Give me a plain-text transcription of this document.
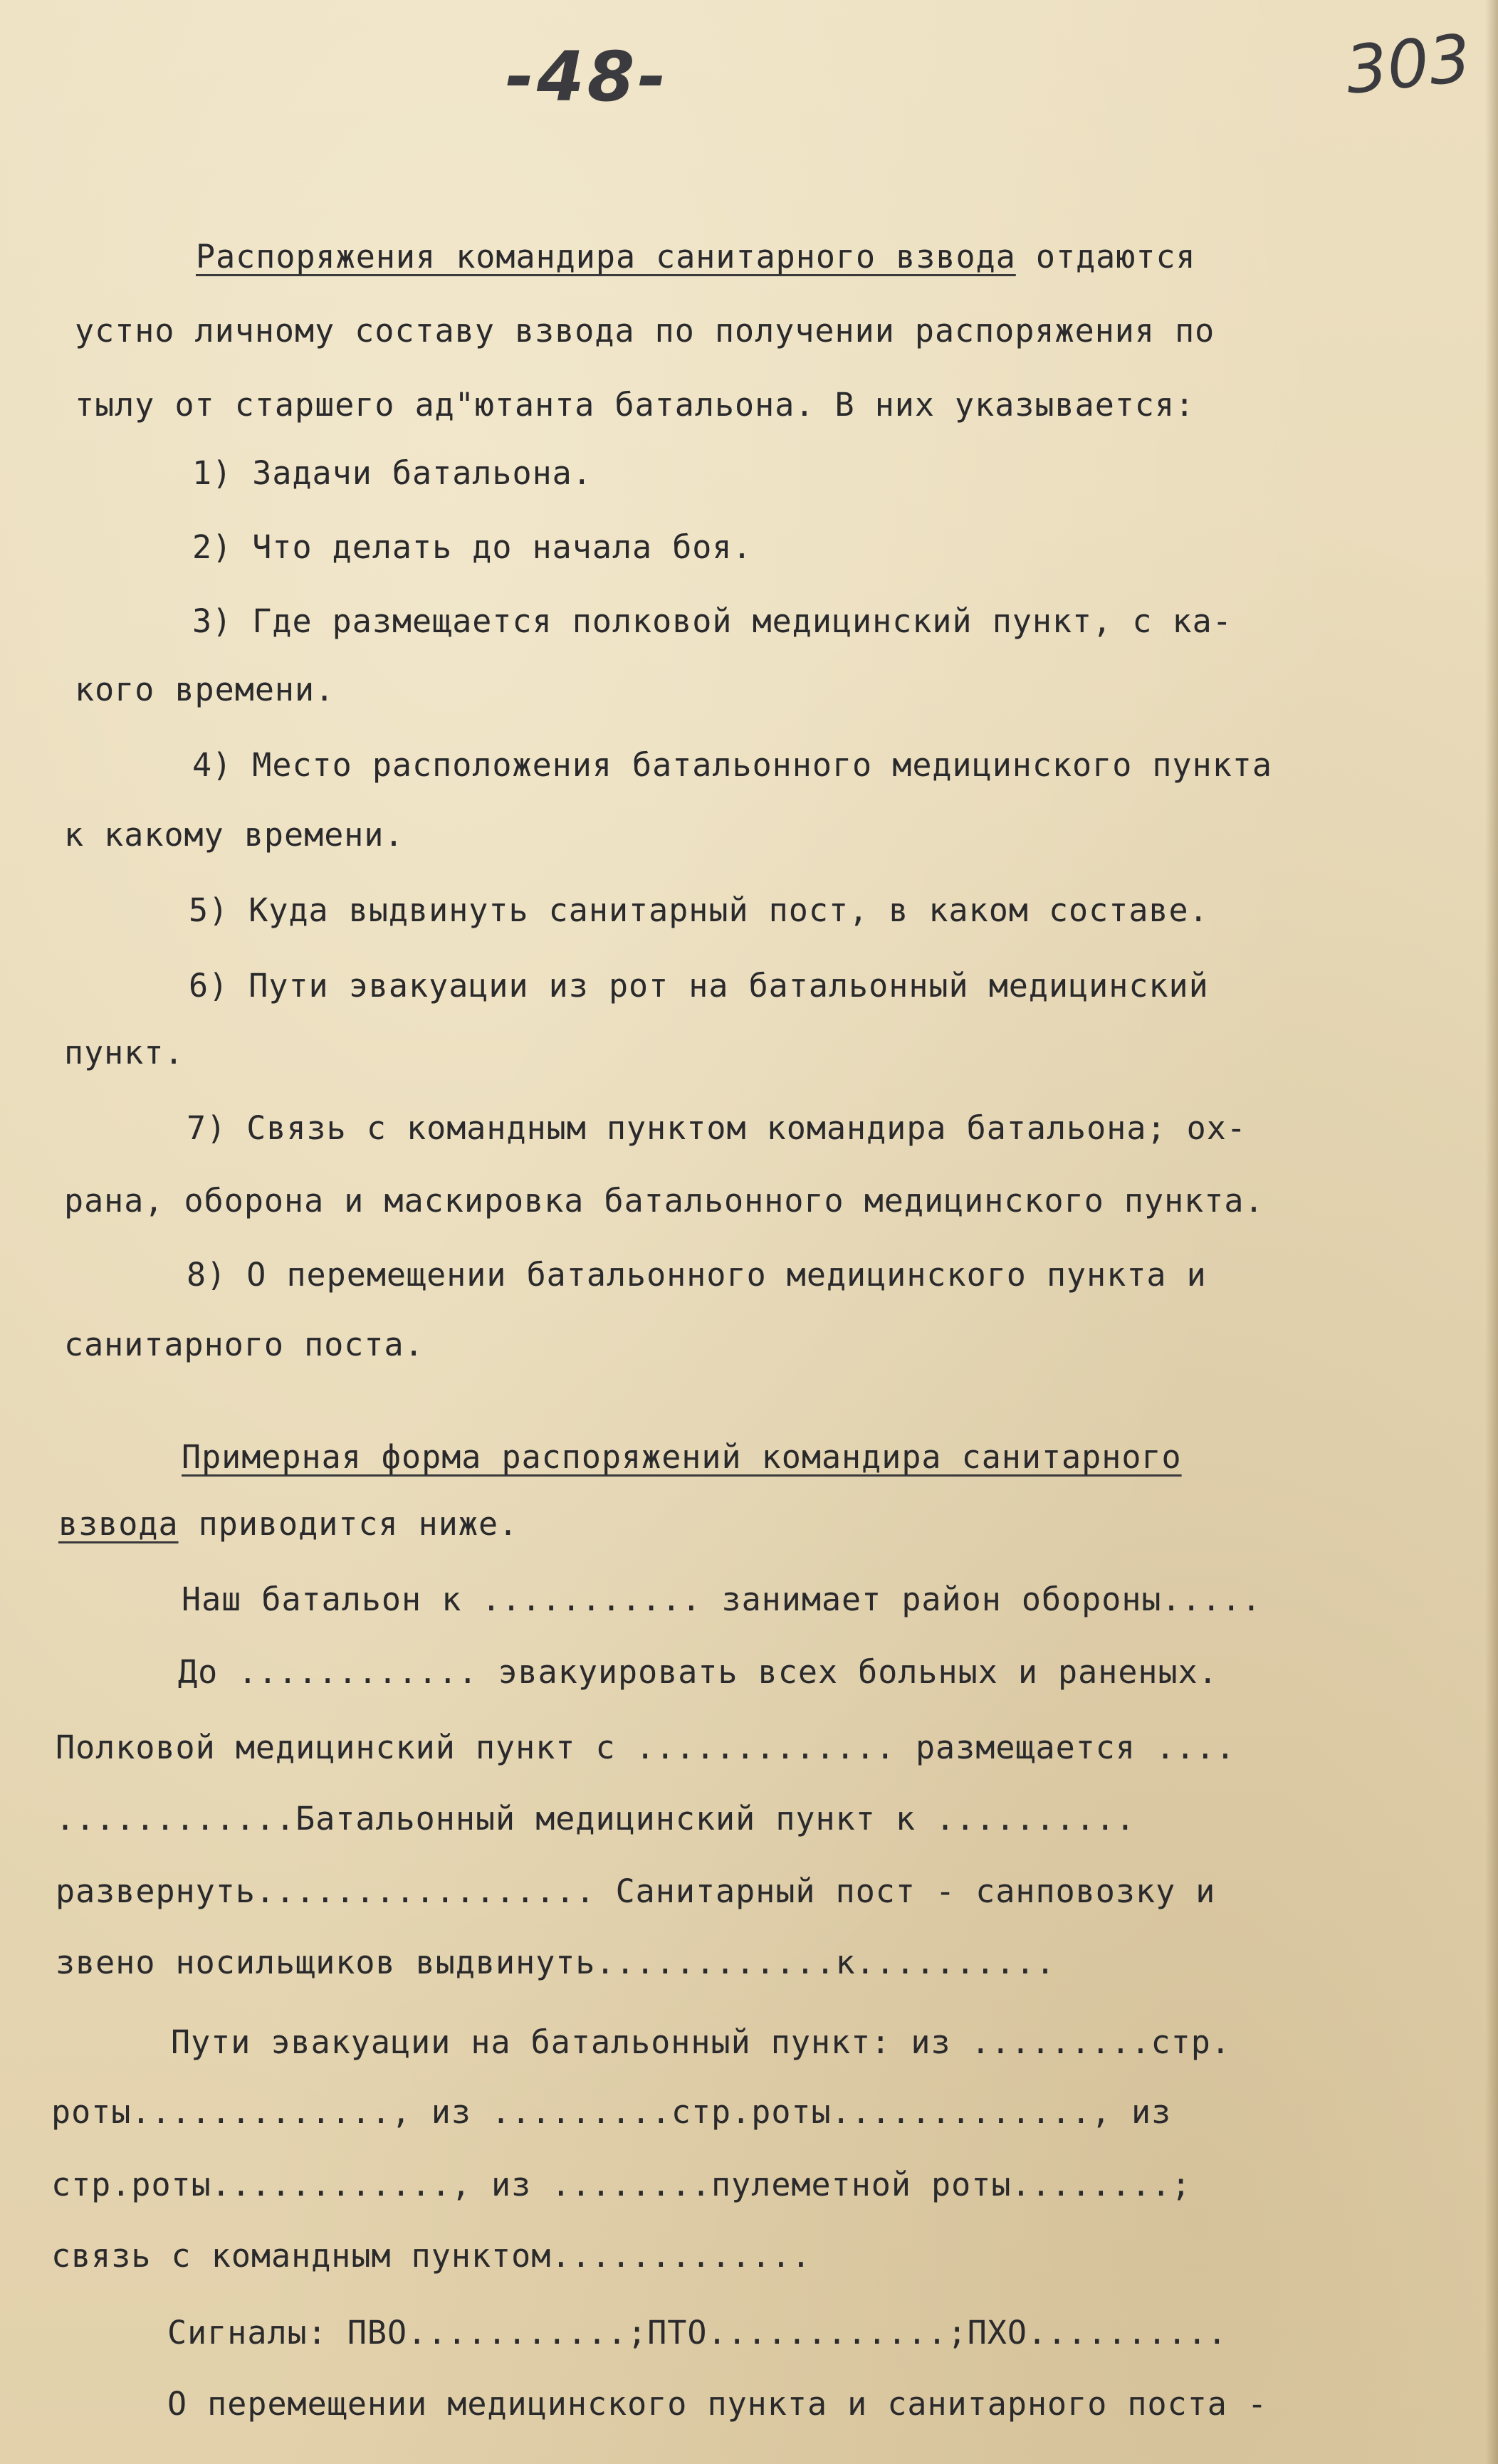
-48-	303
Распоряжения командира санитарного взвода отдаются
устно личному составу взвода по получении распоряжения по
тылу от старшего ад"ютанта батальона. В них указывается:
1) Задачи батальона.
2) Что делать до начала боя.
3) Где размещается полковой медицинский пункт, с ка-
кого времени.
4) Место расположения батальонного медицинского пункта
к какому времени.
5) Куда выдвинуть санитарный пост, в каком составе.
6) Пути эвакуации из рот на батальонный медицинский
пункт.
7) Связь с командным пунктом командира батальона; ох-
рана, оборона и маскировка батальонного медицинского пункта.
8) О перемещении батальонного медицинского пункта и
санитарного поста.
Примерная форма распоряжений командира санитарного
взвода приводится ниже.
Наш батальон к ........... занимает район обороны.....
До ............ эвакуировать всех больных и раненых.
Полковой медицинский пункт с ............. размещается ....
............Батальонный медицинский пункт к ..........
развернуть................. Санитарный пост - санповозку и
звено носильщиков выдвинуть............к..........
Пути эвакуации на батальонный пункт: из .........стр.
роты............., из .........стр.роты............., из
стр.роты............, из ........пулеметной роты........;
связь с командным пунктом.............
Сигналы: ПВО...........;ПТО............;ПХО..........
О перемещении медицинского пункта и санитарного поста -
